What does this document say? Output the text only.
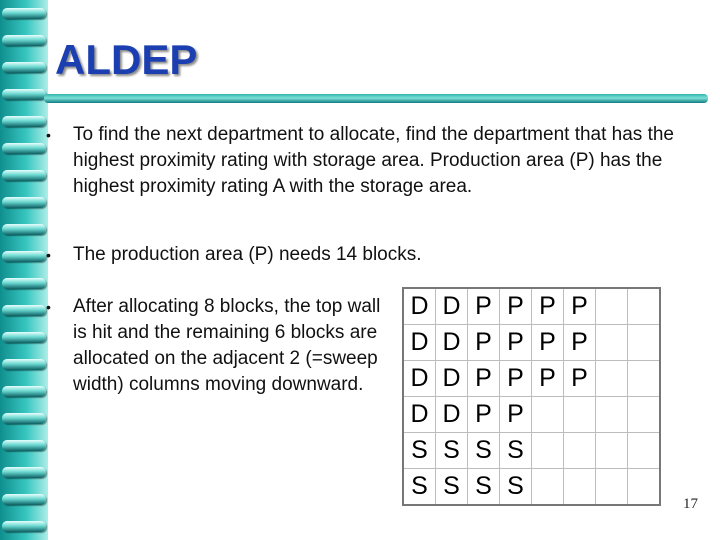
ALDEP
• To find the next department to allocate, find the department that has the highest proximity rating with storage area. Production area (P) has the highest proximity rating A with the storage area.
• The production area (P) needs 14 blocks.
• After allocating 8 blocks, the top wall is hit and the remaining 6 blocks are allocated on the adjacent 2 (=sweep width) columns moving downward.
D	D	P	P	P	P		
D	D	P	P	P	P		
D	D	P	P	P	P		
D	D	P	P				
S	S	S	S				
S	S	S	S				
17
